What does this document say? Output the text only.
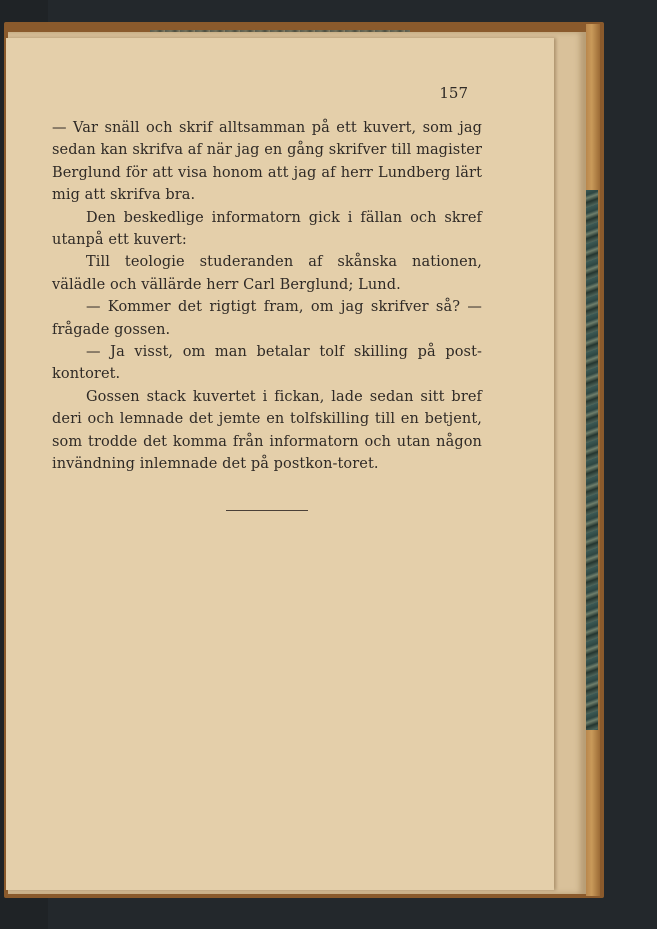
157

— Var snäll och skrif alltsamman på ett kuvert, som jag sedan kan skrifva af när jag en gång skrifver till magister Berglund för att visa honom att jag af herr Lundberg lärt mig att skrifva bra.

Den beskedlige informatorn gick i fällan och skref utanpå ett kuvert:

Till teologie studeranden af skånska nationen, välädle och vällärde herr Carl Berglund; Lund.

— Kommer det rigtigt fram, om jag skrifver så? — frågade gossen.

— Ja visst, om man betalar tolf skilling på post-kontoret.

Gossen stack kuvertet i fickan, lade sedan sitt bref deri och lemnade det jemte en tolfskilling till en betjent, som trodde det komma från informatorn och utan någon invändning inlemnade det på postkon-toret.
